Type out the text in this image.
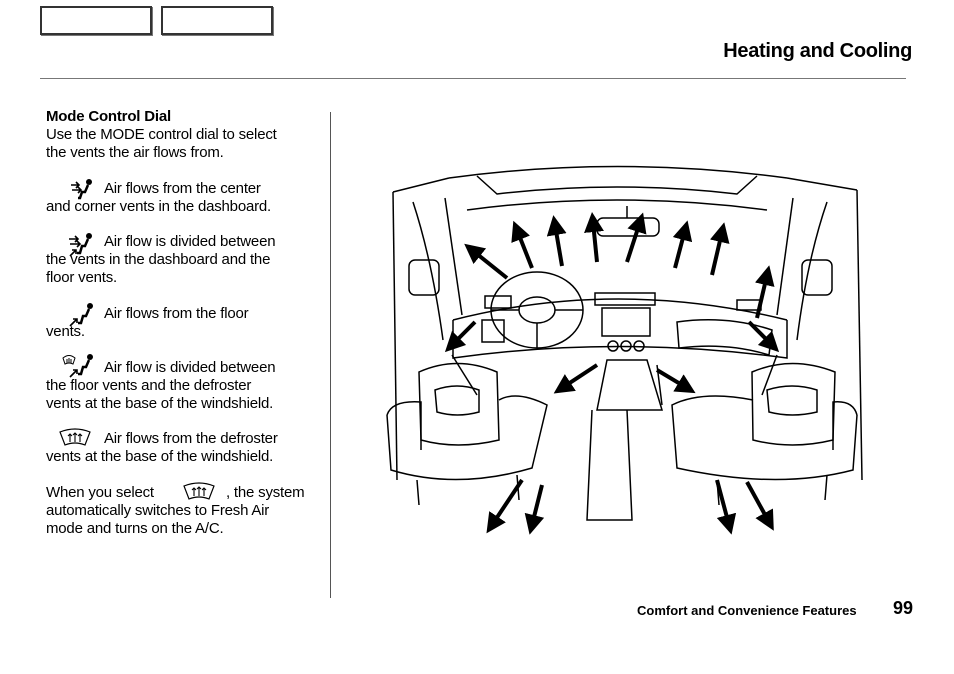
Heating and Cooling
Mode Control Dial
Use the MODE control dial to select
the vents the air flows from.
Air flows from the center
and corner vents in the dashboard.
Air flow is divided between
the vents in the dashboard and the
floor vents.
Air flows from the floor
vents.
Air flow is divided between
the floor vents and the defroster
vents at the base of the windshield.
Air flows from the defroster
vents at the base of the windshield.
When you select	, the system
automatically switches to Fresh Air
mode and turns on the A/C.
Comfort and Convenience Features 99
